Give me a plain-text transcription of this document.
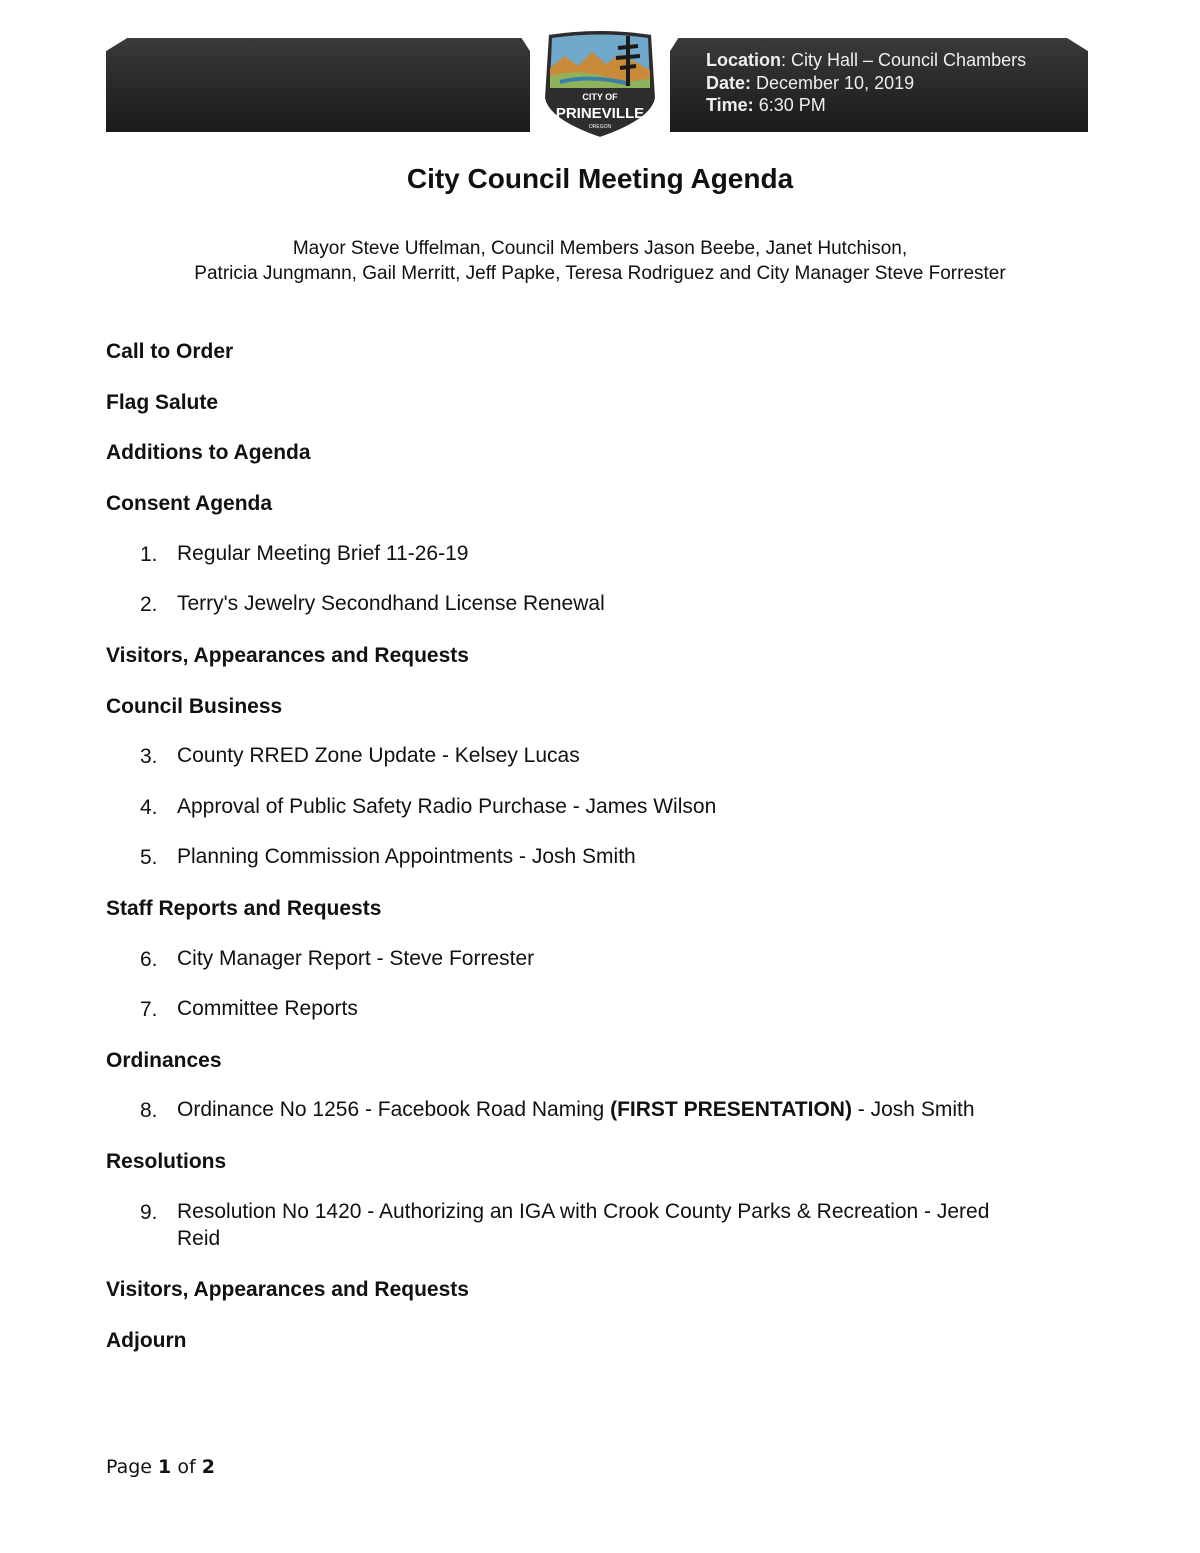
Location: City Hall – Council Chambers
Date: December 10, 2019
Time: 6:30 PM
CITY OF
PRINEVILLE
OREGON
City Council Meeting Agenda
Mayor Steve Uffelman, Council Members Jason Beebe, Janet Hutchison,
Patricia Jungmann, Gail Merritt, Jeff Papke, Teresa Rodriguez and City Manager Steve Forrester
Call to Order
Flag Salute
Additions to Agenda
Consent Agenda
1. Regular Meeting Brief 11-26-19
2. Terry's Jewelry Secondhand License Renewal
Visitors, Appearances and Requests
Council Business
3. County RRED Zone Update - Kelsey Lucas
4. Approval of Public Safety Radio Purchase - James Wilson
5. Planning Commission Appointments - Josh Smith
Staff Reports and Requests
6. City Manager Report - Steve Forrester
7. Committee Reports
Ordinances
8. Ordinance No 1256 - Facebook Road Naming (FIRST PRESENTATION) - Josh Smith
Resolutions
9. Resolution No 1420 - Authorizing an IGA with Crook County Parks & Recreation - Jered
Reid
Visitors, Appearances and Requests
Adjourn
Page 1 of 2
